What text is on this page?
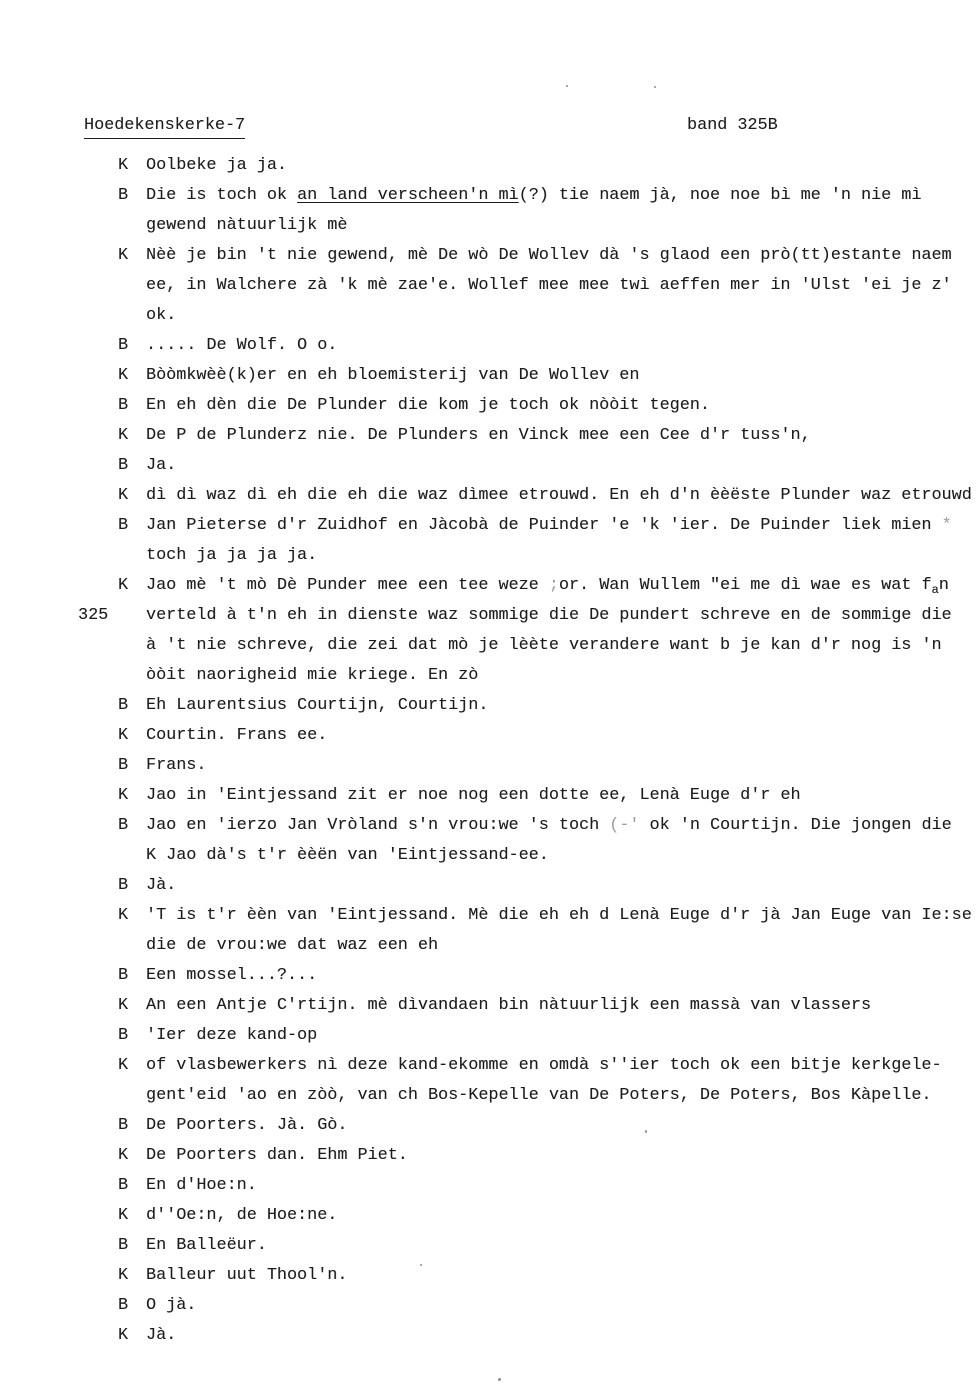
Hoedekenskerke-7	band 325B
K Oolbeke ja ja.
B Die is toch ok an land verscheen'n mì(?) tie naem jà, noe noe bì me 'n nie mì
gewend nàtuurlijk mè
K Nèè je bin 't nie gewend, mè De wò De Wollev dà 's glaod een prò(tt)estante naem
ee, in Walchere zà 'k mè zae'e. Wollef mee mee twì aeffen mer in 'Ulst 'ei je z'
ok.
B ..... De Wolf. O o.
K Bòòmkwèè(k)er en eh bloemisterij van De Wollev en
B En eh dèn die De Plunder die kom je toch ok nòòit tegen.
K De P de Plunderz nie. De Plunders en Vinck mee een Cee d'r tuss'n,
B Ja.
K dì dì waz dì eh die eh die waz dìmee etrouwd. En eh d'n èèëste Plunder waz etrouwd
B Jan Pieterse d'r Zuidhof en Jàcobà de Puinder 'e 'k 'ier. De Puinder liek mien *
toch ja ja ja ja.
K Jao mè 't mò Dè Punder mee een tee weze ;or. Wan Wullem "ei me dì wae es wat $f_an$
325 verteld à t'n eh in dienste waz sommige die De pundert schreve en de sommige die
à 't nie schreve, die zei dat mò je lèète verandere want b je kan d'r nog is 'n
òòit naorigheid mie kriege. En zò
B Eh Laurentsius Courtijn, Courtijn.
K Courtin. Frans ee.
B Frans.
K Jao in 'Eintjessand zit er noe nog een dotte ee, Lenà Euge d'r eh
B Jao en 'ierzo Jan Vròland s'n vrou:we 's toch (-' ok 'n Courtijn. Die jongen die
K Jao dà's t'r èèën van 'Eintjessand-ee.
B Jà.
K 'T is t'r èèn van 'Eintjessand. Mè die eh eh d Lenà Euge d'r jà Jan Euge van Ie:se
die de vrou:we dat waz een eh
B Een mossel...?...
K An een Antje C'rtijn. mè dìvandaen bin nàtuurlijk een massà van vlassers
B 'Ier deze kand-op
K of vlasbewerkers nì deze kand-ekomme en omdà s''ier toch ok een bitje kerkgele-
gent'eid 'ao en zòò, van ch Bos-Kepelle van De Poters, De Poters, Bos Kàpelle.
B De Poorters. Jà. Gò.
K De Poorters dan. Ehm Piet.
B En d'Hoe:n.
K d''Oe:n, de Hoe:ne.
B En Balleëur.
K Balleur uut Thool'n.
B O jà.
K Jà.
